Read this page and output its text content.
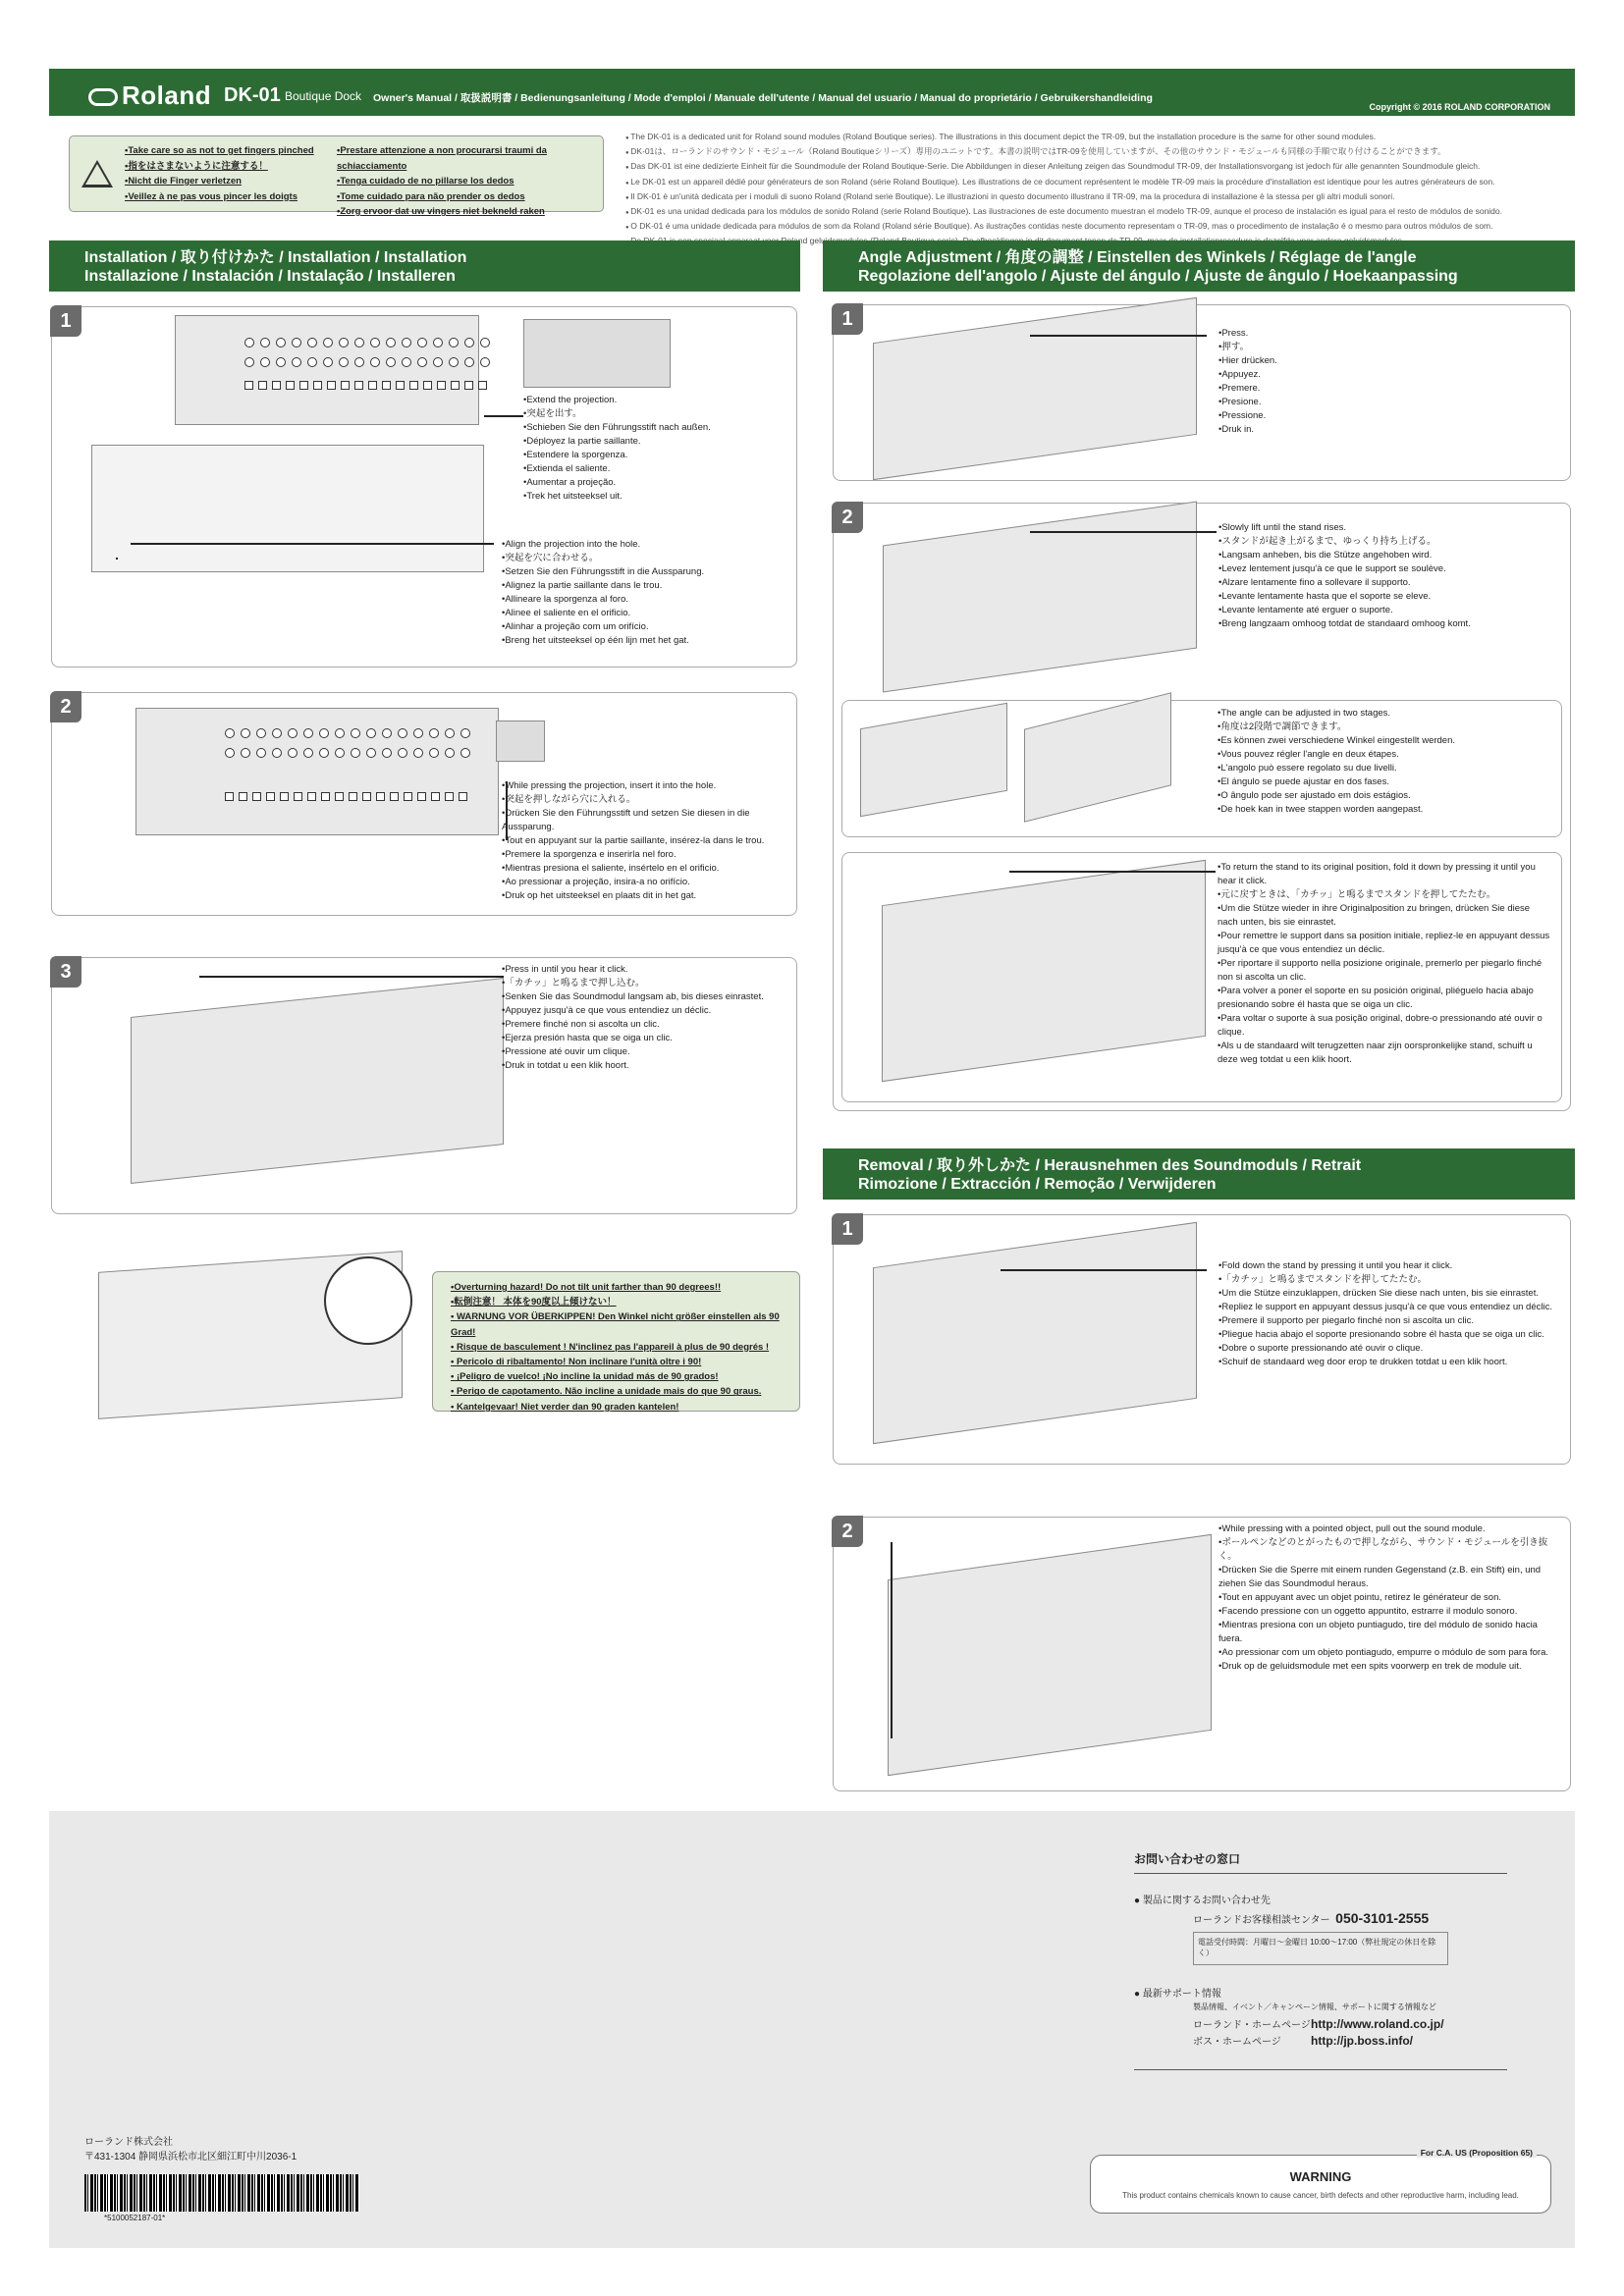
Roland DK-01 Boutique Dock Owner's Manual / 取扱説明書 / Bedienungsanleitung / Mode d'emploi / Manuale dell'utente / Manual del usuario / Manual do proprietário / Gebruikershandleiding
Copyright © 2016 ROLAND CORPORATION
•Take care so as not to get fingers pinched
•指をはさまないように注意する！
•Nicht die Finger verletzen
•Veillez à ne pas vous pincer les doigts
•Prestare attenzione a non procurarsi traumi da schiacciamento
•Tenga cuidado de no pillarse los dedos
•Tome cuidado para não prender os dedos
•Zorg ervoor dat uw vingers niet bekneld raken
● The DK-01 is a dedicated unit for Roland sound modules (Roland Boutique series). The illustrations in this document depict the TR-09, but the installation procedure is the same for other sound modules.
● DK-01は、ローランドのサウンド・モジュール（Roland Boutiqueシリーズ）専用のユニットです。本書の説明ではTR-09を使用していますが、その他のサウンド・モジュールも同様の手順で取り付けることができます。
● Das DK-01 ist eine dedizierte Einheit für die Soundmodule der Roland Boutique-Serie. Die Abbildungen in dieser Anleitung zeigen das Soundmodul TR-09, der Installationsvorgang ist jedoch für alle genannten Soundmodule gleich.
● Le DK-01 est un appareil dédié pour générateurs de son Roland (série Roland Boutique). Les illustrations de ce document représentent le modèle TR-09 mais la procédure d'installation est identique pour les autres générateurs de son.
● Il DK-01 è un'unità dedicata per i moduli di suono Roland (Roland serie Boutique). Le illustrazioni in questo documento illustrano il TR-09, ma la procedura di installazione è la stessa per gli altri moduli sonori.
● DK-01 es una unidad dedicada para los módulos de sonido Roland (serie Roland Boutique). Las ilustraciones de este documento muestran el modelo TR-09, aunque el proceso de instalación es igual para el resto de módulos de sonido.
● O DK-01 é uma unidade dedicada para módulos de som da Roland (Roland série Boutique). As ilustrações contidas neste documento representam o TR-09, mas o procedimento de instalação é o mesmo para outros módulos de som.
●
Installation / 取り付けかた / Installation / Installation
Installazione / Instalación / Instalação / Installeren
1
• Extend the projection.
• 突起を出す。
• Schieben Sie den Führungsstift nach außen.
• Déployez la partie saillante.
• Estendere la sporgenza.
• Extienda el saliente.
• Aumentar a projeção.
• Trek het uitsteeksel uit.
• Align the projection into the hole.
• 突起を穴に合わせる。
• Setzen Sie den Führungsstift in die Aussparung.
• Alignez la partie saillante dans le trou.
• Allineare la sporgenza al foro.
• Alinee el saliente en el orificio.
• Alinhar a projeção com um orifício.
• Breng het uitsteeksel op één lijn met het gat.
2
• While pressing the projection, insert it into the hole.
• 突起を押しながら穴に入れる。
• Drücken Sie den Führungsstift und setzen Sie diesen in die Aussparung.
• Tout en appuyant sur la partie saillante, insérez-la dans le trou.
• Premere la sporgenza e inserirla nel foro.
• Mientras presiona el saliente, insértelo en el orificio.
• Ao pressionar a projeção, insira-a no orifício.
• Druk op het uitsteeksel en plaats dit in het gat.
3	• Press in until you hear it click.
• 「カチッ」と鳴るまで押し込む。
• Senken Sie das Soundmodul langsam ab, bis dieses einrastet.
• Appuyez jusqu'à ce que vous entendiez un déclic.
• Premere finché non si ascolta un clic.
• Ejerza presión hasta que se oiga un clic.
• Pressione até ouvir um clique.
• Druk in totdat u een klik hoort.
•Overturning hazard! Do not tilt unit farther than 90 degrees!!
•転倒注意！ 本体を90度以上傾けない！
• WARNUNG VOR ÜBERKIPPEN! Den Winkel nicht größer einstellen als 90 Grad!
• Risque de basculement ! N'inclinez pas l'appareil à plus de 90 degrés !
• Pericolo di ribaltamento! Non inclinare l'unità oltre i 90!
• ¡Peligro de vuelco! ¡No incline la unidad más de 90 grados!
• Perigo de capotamento. Não incline a unidade mais do que 90 graus.
• Kantelgevaar! Niet verder dan 90 graden kantelen!
Angle Adjustment / 角度の調整 / Einstellen des Winkels / Réglage de l'angle
Regolazione dell'angolo / Ajuste del ángulo / Ajuste de ângulo / Hoekaanpassing
1
• Press.
• 押す。
• Hier drücken.
• Appuyez.
• Premere.
• Presione.
• Pressione.
• Druk in.
2	• Slowly lift until the stand rises.
• スタンドが起き上がるまで、ゆっくり持ち上げる。
• Langsam anheben, bis die Stütze angehoben wird.
• Levez lentement jusqu'à ce que le support se soulève.
• Alzare lentamente fino a sollevare il supporto.
• Levante lentamente hasta que el soporte se eleve.
• Levante lentamente até erguer o suporte.
• Breng langzaam omhoog totdat de standaard omhoog komt.
• The angle can be adjusted in two stages.
• 角度は2段階で調節できます。
• Es können zwei verschiedene Winkel eingestellt werden.
• Vous pouvez régler l'angle en deux étapes.
• L'angolo può essere regolato su due livelli.
• El ángulo se puede ajustar en dos fases.
• O ângulo pode ser ajustado em dois estágios.
• De hoek kan in twee stappen worden aangepast.
• To return the stand to its original position, fold it down by pressing it until you hear it click.
• 元に戻すときは、「カチッ」と鳴るまでスタンドを押してたたむ。
• Um die Stütze wieder in ihre Originalposition zu bringen, drücken Sie diese nach unten, bis sie einrastet.
• Pour remettre le support dans sa position initiale, repliez-le en appuyant dessus jusqu'à ce que vous entendiez un déclic.
• Per riportare il supporto nella posizione originale, premerlo per piegarlo finché non si ascolta un clic.
• Para volver a poner el soporte en su posición original, pliéguelo hacia abajo presionando sobre él hasta que se oiga un clic.
• Para voltar o suporte à sua posição original, dobre-o pressionando até ouvir o clique.
• Als u de standaard wilt terugzetten naar zijn oorspronkelijke stand, schuift u deze weg totdat u een klik hoort.
Removal / 取り外しかた / Herausnehmen des Soundmoduls / Retrait
Rimozione / Extracción / Remoção / Verwijderen
1
• Fold down the stand by pressing it until you hear it click.
• 「カチッ」と鳴るまでスタンドを押してたたむ。
• Um die Stütze einzuklappen, drücken Sie diese nach unten, bis sie einrastet.
• Repliez le support en appuyant dessus jusqu'à ce que vous entendiez un déclic.
• Premere il supporto per piegarlo finché non si ascolta un clic.
• Pliegue hacia abajo el soporte presionando sobre él hasta que se oiga un clic.
• Dobre o suporte pressionando até ouvir o clique.
• Schuif de standaard weg door erop te drukken totdat u een klik hoort.
2	• While pressing with a pointed object, pull out the sound module.
• ボールペンなどのとがったもので押しながら、サウンド・モジュールを引き抜く。
• Drücken Sie die Sperre mit einem runden Gegenstand (z.B. ein Stift) ein, und ziehen Sie das Soundmodul heraus.
• Tout en appuyant avec un objet pointu, retirez le générateur de son.
• Facendo pressione con un oggetto appuntito, estrarre il modulo sonoro.
• Mientras presiona con un objeto puntiagudo, tire del módulo de sonido hacia fuera.
• Ao pressionar com um objeto pontiagudo, empurre o módulo de som para fora.
• Druk op de geluidsmodule met een spits voorwerp en trek de module uit.
お問い合わせの窓口
● 製品に関するお問い合わせ先
ローランドお客様相談センター 050-3101-2555
電話受付時間：月曜日～金曜日 10:00～17:00（弊社規定の休日を除く）
● 最新サポート情報
製品情報、イベント／キャンペーン情報、サポートに関する情報など
ローランド・ホームページhttp://www.roland.co.jp/
ボス・ホームページ	http://jp.boss.info/
ローランド株式会社
〒431-1304 静岡県浜松市北区細江町中川2036-1
*5100052187-01*
For C.A. US (Proposition 65)
WARNING
This product contains chemicals known to cause cancer, birth defects and other reproductive harm, including lead.
